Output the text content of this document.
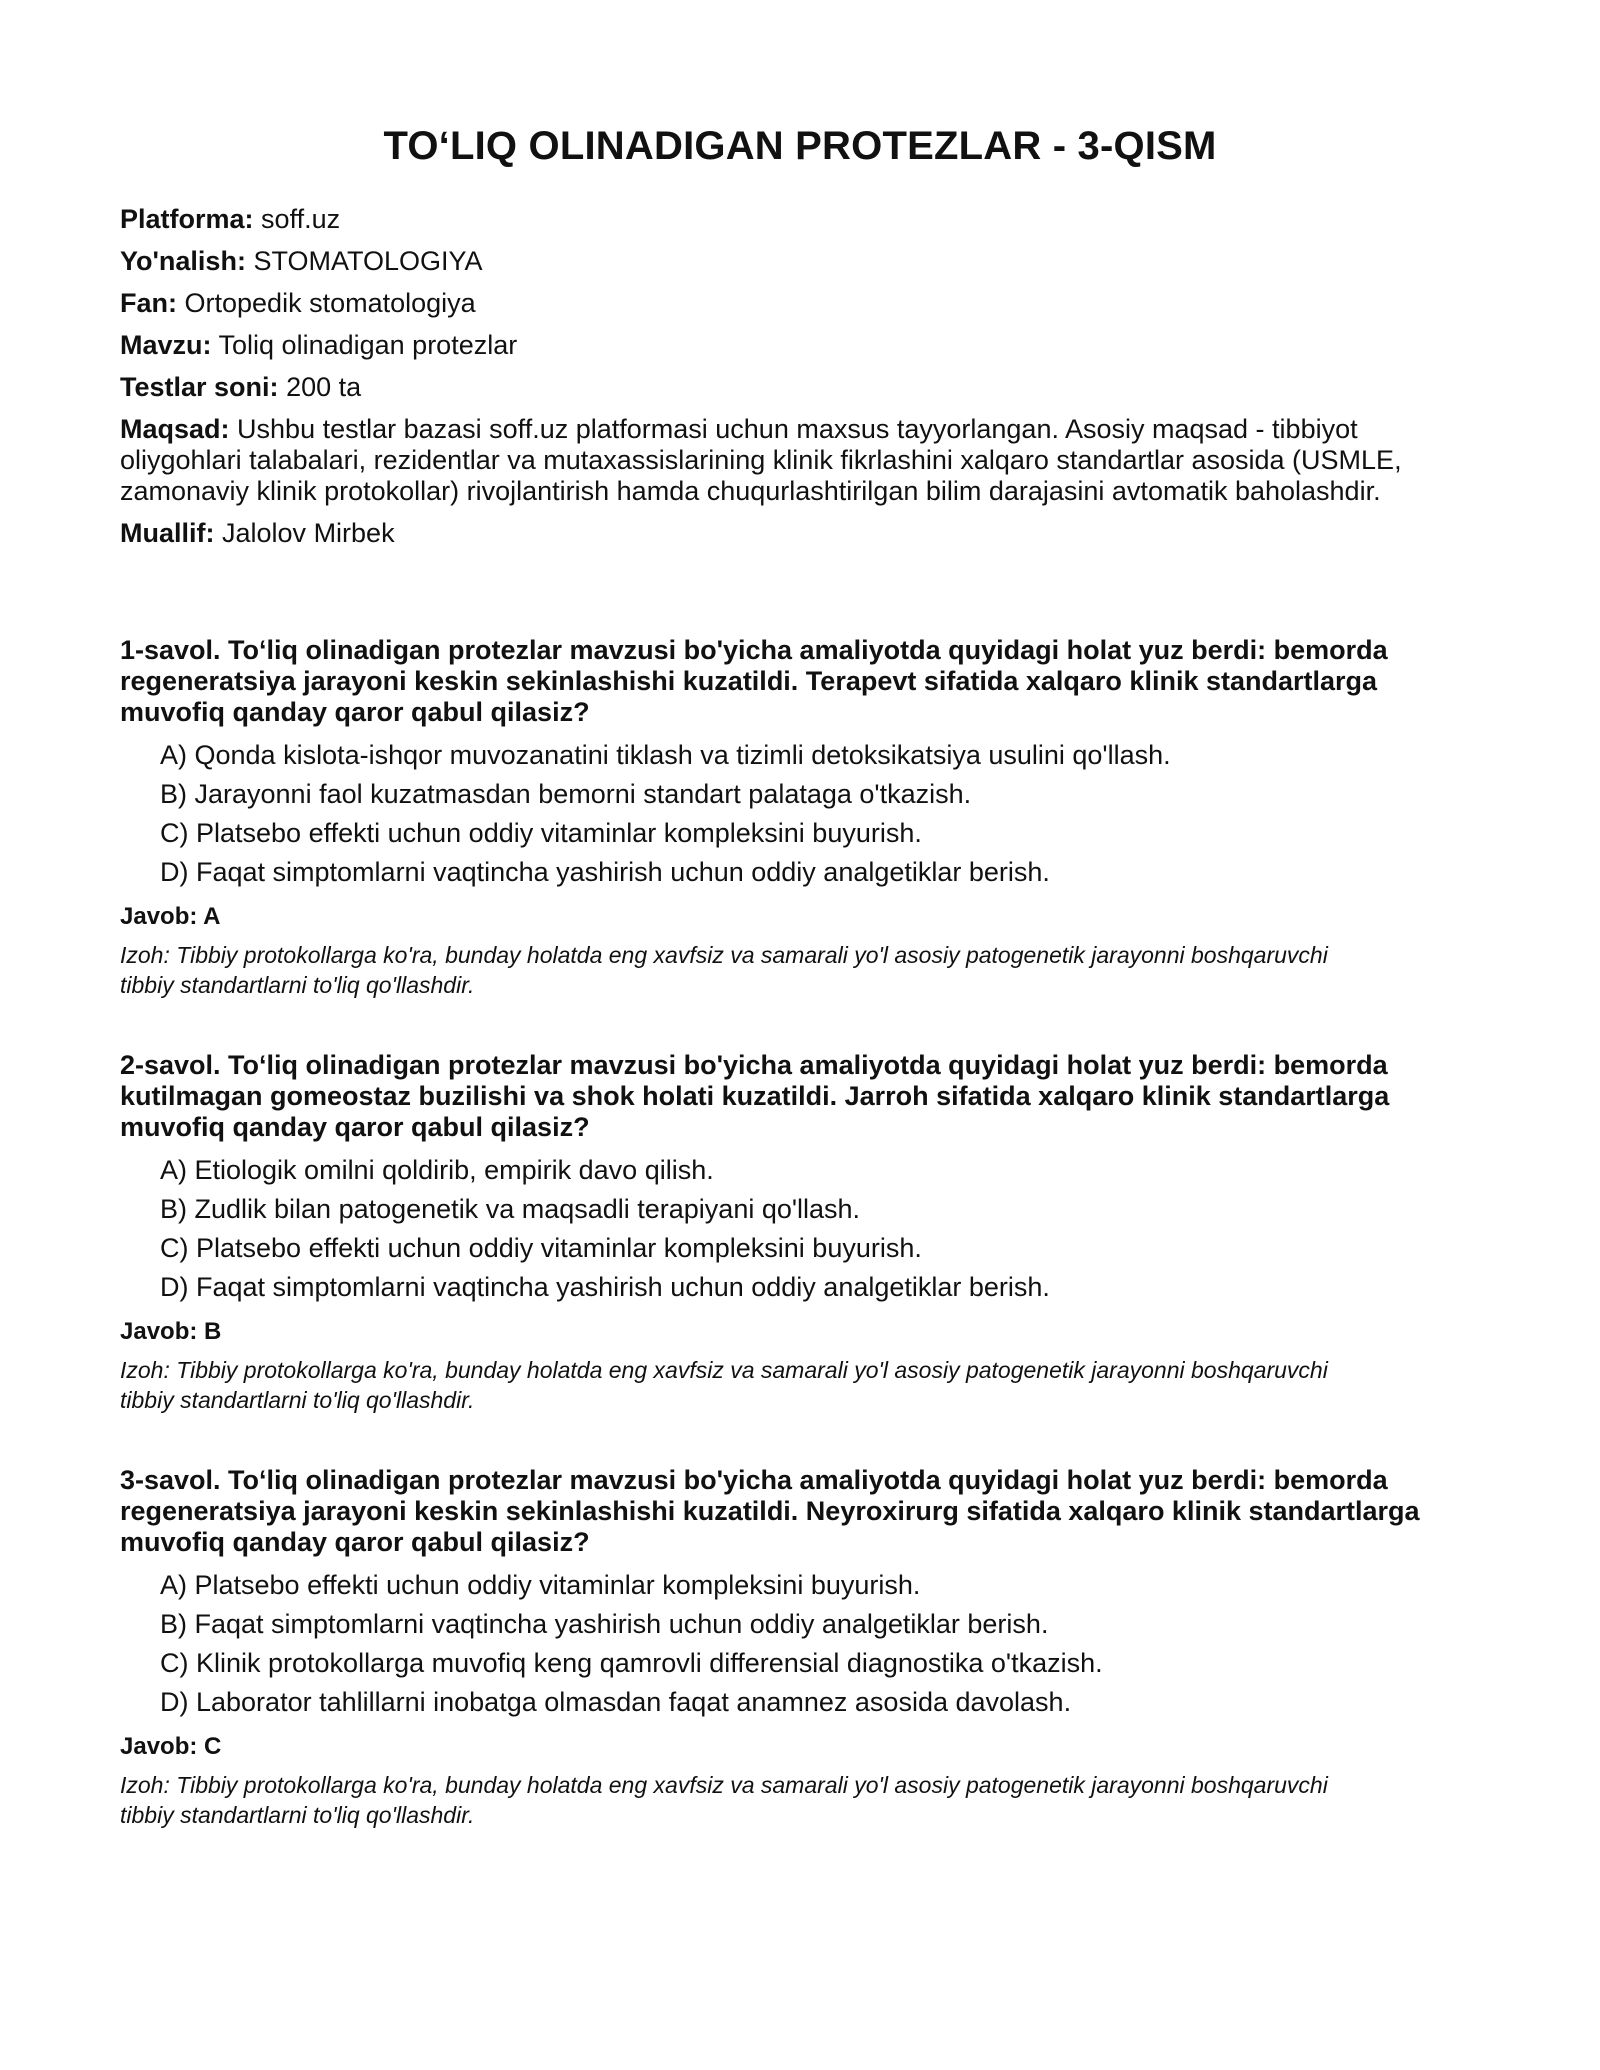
TO‘LIQ OLINADIGAN PROTEZLAR - 3-QISM
Platforma: soff.uz
Yo'nalish: STOMATOLOGIYA
Fan: Ortopedik stomatologiya
Mavzu: Toliq olinadigan protezlar
Testlar soni: 200 ta
Maqsad: Ushbu testlar bazasi soff.uz platformasi uchun maxsus tayyorlangan. Asosiy maqsad - tibbiyot oliygohlari talabalari, rezidentlar va mutaxassislarining klinik fikrlashini xalqaro standartlar asosida (USMLE, zamonaviy klinik protokollar) rivojlantirish hamda chuqurlashtirilgan bilim darajasini avtomatik baholashdir.
Muallif: Jalolov Mirbek

1-savol. To‘liq olinadigan protezlar mavzusi bo'yicha amaliyotda quyidagi holat yuz berdi: bemorda regeneratsiya jarayoni keskin sekinlashishi kuzatildi. Terapevt sifatida xalqaro klinik standartlarga muvofiq qanday qaror qabul qilasiz?

A) Qonda kislota-ishqor muvozanatini tiklash va tizimli detoksikatsiya usulini qo'llash.
B) Jarayonni faol kuzatmasdan bemorni standart palataga o'tkazish.
C) Platsebo effekti uchun oddiy vitaminlar kompleksini buyurish.
D) Faqat simptomlarni vaqtincha yashirish uchun oddiy analgetiklar berish.
Javob: A
Izoh: Tibbiy protokollarga ko'ra, bunday holatda eng xavfsiz va samarali yo'l asosiy patogenetik jarayonni boshqaruvchi tibbiy standartlarni to'liq qo'llashdir.

2-savol. To‘liq olinadigan protezlar mavzusi bo'yicha amaliyotda quyidagi holat yuz berdi: bemorda kutilmagan gomeostaz buzilishi va shok holati kuzatildi. Jarroh sifatida xalqaro klinik standartlarga muvofiq qanday qaror qabul qilasiz?

A) Etiologik omilni qoldirib, empirik davo qilish.
B) Zudlik bilan patogenetik va maqsadli terapiyani qo'llash.
C) Platsebo effekti uchun oddiy vitaminlar kompleksini buyurish.
D) Faqat simptomlarni vaqtincha yashirish uchun oddiy analgetiklar berish.
Javob: B
Izoh: Tibbiy protokollarga ko'ra, bunday holatda eng xavfsiz va samarali yo'l asosiy patogenetik jarayonni boshqaruvchi tibbiy standartlarni to'liq qo'llashdir.

3-savol. To‘liq olinadigan protezlar mavzusi bo'yicha amaliyotda quyidagi holat yuz berdi: bemorda regeneratsiya jarayoni keskin sekinlashishi kuzatildi. Neyroxirurg sifatida xalqaro klinik standartlarga muvofiq qanday qaror qabul qilasiz?

A) Platsebo effekti uchun oddiy vitaminlar kompleksini buyurish.
B) Faqat simptomlarni vaqtincha yashirish uchun oddiy analgetiklar berish.
C) Klinik protokollarga muvofiq keng qamrovli differensial diagnostika o'tkazish.
D) Laborator tahlillarni inobatga olmasdan faqat anamnez asosida davolash.
Javob: C
Izoh: Tibbiy protokollarga ko'ra, bunday holatda eng xavfsiz va samarali yo'l asosiy patogenetik jarayonni boshqaruvchi tibbiy standartlarni to'liq qo'llashdir.
